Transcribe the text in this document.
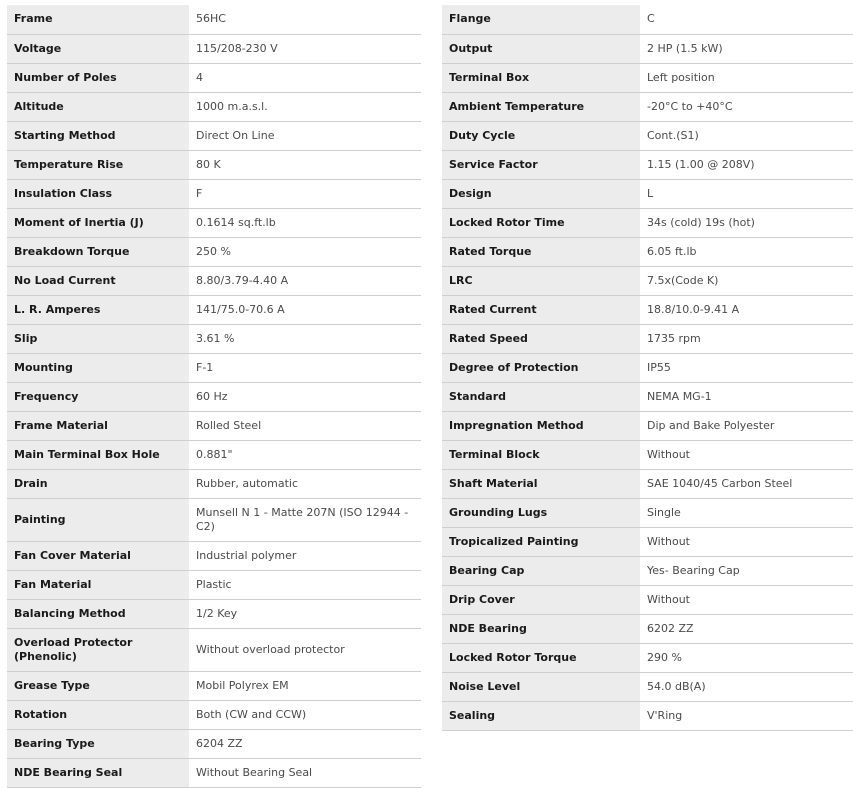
Frame	56HC
Voltage	115/208-230 V
Number of Poles	4
Altitude	1000 m.a.s.l.
Starting Method	Direct On Line
Temperature Rise	80 K
Insulation Class	F
Moment of Inertia (J)	0.1614 sq.ft.lb
Breakdown Torque	250 %
No Load Current	8.80/3.79-4.40 A
L. R. Amperes	141/75.0-70.6 A
Slip	3.61 %
Mounting	F-1
Frequency	60 Hz
Frame Material	Rolled Steel
Main Terminal Box Hole	0.881"
Drain	Rubber, automatic
Painting	Munsell N 1 - Matte 207N (ISO 12944 - C2)
Fan Cover Material	Industrial polymer
Fan Material	Plastic
Balancing Method	1/2 Key
Overload Protector (Phenolic)	Without overload protector
Grease Type	Mobil Polyrex EM
Rotation	Both (CW and CCW)
Bearing Type	6204 ZZ
NDE Bearing Seal	Without Bearing Seal
Flange	C
Output	2 HP (1.5 kW)
Terminal Box	Left position
Ambient Temperature	-20°C to +40°C
Duty Cycle	Cont.(S1)
Service Factor	1.15 (1.00 @ 208V)
Design	L
Locked Rotor Time	34s (cold) 19s (hot)
Rated Torque	6.05 ft.lb
LRC	7.5x(Code K)
Rated Current	18.8/10.0-9.41 A
Rated Speed	1735 rpm
Degree of Protection	IP55
Standard	NEMA MG-1
Impregnation Method	Dip and Bake Polyester
Terminal Block	Without
Shaft Material	SAE 1040/45 Carbon Steel
Grounding Lugs	Single
Tropicalized Painting	Without
Bearing Cap	Yes- Bearing Cap
Drip Cover	Without
NDE Bearing	6202 ZZ
Locked Rotor Torque	290 %
Noise Level	54.0 dB(A)
Sealing	V'Ring
